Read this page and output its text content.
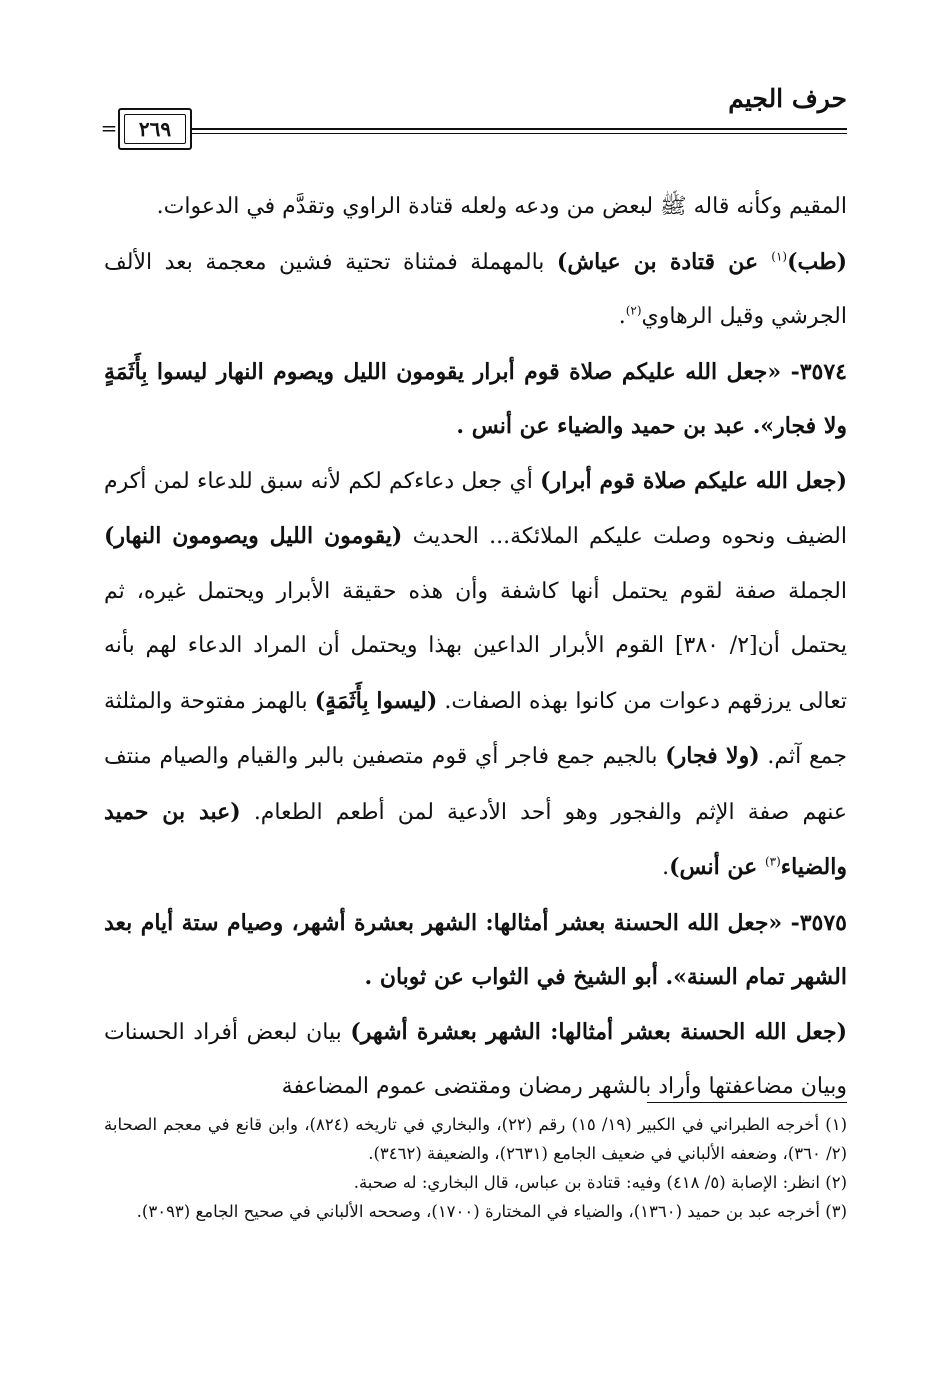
حرف الجيم
٢٦٩
=

المقيم وكأنه قاله ﷺ لبعض من ودعه ولعله قتادة الراوي وتقدَّم في الدعوات.

(طب)$^{(١)}$ عن قتادة بن عياش) بالمهملة فمثناة تحتية فشين معجمة بعد الألف الجرشي وقيل الرهاوي$^{(٢)}$.

٣٥٧٤- «جعل الله عليكم صلاة قوم أبرار يقومون الليل ويصوم النهار ليسوا بِأَثَمَةٍ ولا فجار». عبد بن حميد والضياء عن أنس .

(جعل الله عليكم صلاة قوم أبرار) أي جعل دعاءكم لكم لأنه سبق للدعاء لمن أكرم الضيف ونحوه وصلت عليكم الملائكة... الحديث (يقومون الليل ويصومون النهار) الجملة صفة لقوم يحتمل أنها كاشفة وأن هذه حقيقة الأبرار ويحتمل غيره، ثم يحتمل أن[٢/ ٣٨٠] القوم الأبرار الداعين بهذا ويحتمل أن المراد الدعاء لهم بأنه تعالى يرزقهم دعوات من كانوا بهذه الصفات. (ليسوا بِأَثَمَةٍ) بالهمز مفتوحة والمثلثة جمع آثم. (ولا فجار) بالجيم جمع فاجر أي قوم متصفين بالبر والقيام والصيام منتف عنهم صفة الإثم والفجور وهو أحد الأدعية لمن أطعم الطعام. (عبد بن حميد والضياء$^{(٣)}$ عن أنس).

٣٥٧٥- «جعل الله الحسنة بعشر أمثالها: الشهر بعشرة أشهر، وصيام ستة أيام بعد الشهر تمام السنة». أبو الشيخ في الثواب عن ثوبان .

(جعل الله الحسنة بعشر أمثالها: الشهر بعشرة أشهر) بيان لبعض أفراد الحسنات وبيان مضاعفتها وأراد بالشهر رمضان ومقتضى عموم المضاعفة

(١) أخرجه الطبراني في الكبير (١٩/ ١٥) رقم (٢٢)، والبخاري في تاريخه (٨٢٤)، وابن قانع في معجم الصحابة (٢/ ٣٦٠)، وضعفه الألباني في ضعيف الجامع (٢٦٣١)، والضعيفة (٣٤٦٢).

(٢) انظر: الإصابة (٥/ ٤١٨) وفيه: قتادة بن عباس، قال البخاري: له صحبة.

(٣) أخرجه عبد بن حميد (١٣٦٠)، والضياء في المختارة (١٧٠٠)، وصححه الألباني في صحيح الجامع (٣٠٩٣).
